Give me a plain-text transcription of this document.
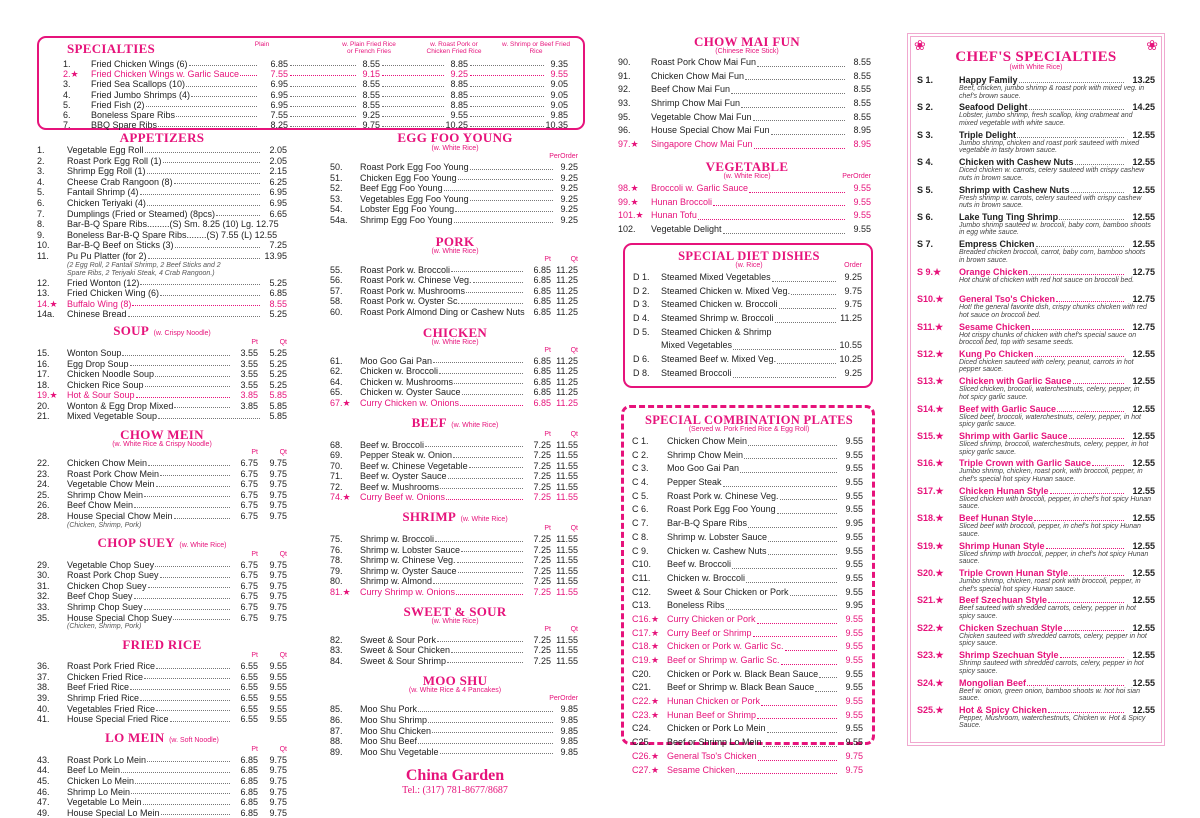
SPECIALTIES	Plain	w. Plain Fried Rice or French Fries
w. Roast Pork or Chicken Fried Rice
w. Shrimp or Beef Fried Rice
1. Fried Chicken Wings (6)	6.85	8.55	8.85	9.35
2.★ Fried Chicken Wings w. Garlic Sauce	7.55	9.15	9.25	9.55
3. Fried Sea Scallops (10)	6.95	8.55	8.85	9.05
4. Fried Jumbo Shrimps (4)	6.95	8.55	8.85	9.05
5. Fried Fish (2)	6.95	8.55	8.85	9.05
6. Boneless Spare Ribs	7.55	9.25	9.55	9.85
7. BBQ Spare Ribs	8.25	9.75	10.25	10.35
APPETIZERS
1. Vegetable Egg Roll	2.05
2. Roast Pork Egg Roll (1)	2.05
3. Shrimp Egg Roll (1)	2.15
4. Cheese Crab Rangoon (8)	6.25
5. Fantail Shrimp (4)	6.95
6. Chicken Teriyaki (4)	6.95
7. Dumplings (Fried or Steamed) (8pcs)	6.65
8. Bar-B-Q Spare Ribs.........(S) Sm. 8.25 (10) Lg. 12.75
9. Boneless Bar-B-Q Spare Ribs........(S) 7.55 (L) 12.55
10. Bar-B-Q Beef on Sticks (3)	7.25
11. Pu Pu Platter (for 2)	13.95
(2 Egg Roll, 2 Fantail Shrimp, 2 Beef Sticks and 2
Spare Ribs, 2 Teriyaki Steak, 4 Crab Rangoon.)
12. Fried Wonton (12)	5.25
13. Fried Chicken Wing (6)	6.85
14.★ Buffalo Wing (8)	8.55
14a. Chinese Bread	5.25
SOUP (w. Crispy Noodle)
Pt	Qt
15. Wonton Soup	3.55 5.25
16. Egg Drop Soup	3.55 5.25
17. Chicken Noodle Soup	3.55 5.25
18. Chicken Rice Soup	3.55 5.25
19.★ Hot & Sour Soup	3.85 5.85
20. Wonton & Egg Drop Mixed	3.85 5.85
21. Mixed Vegetable Soup	5.85
CHOW MEIN
(w. White Rice & Crispy Noodle)
Pt	Qt
22. Chicken Chow Mein	6.75 9.75
23. Roast Pork Chow Mein	6.75 9.75
24. Vegetable Chow Mein	6.75 9.75
25. Shrimp Chow Mein	6.75 9.75
26. Beef Chow Mein	6.75 9.75
28. House Special Chow Mein	6.75 9.75
(Chicken, Shrimp, Pork)
CHOP SUEY (w. White Rice)
Pt	Qt
29. Vegetable Chop Suey	6.75 9.75
30. Roast Pork Chop Suey	6.75 9.75
31. Chicken Chop Suey	6.75 9.75
32. Beef Chop Suey	6.75 9.75
33. Shrimp Chop Suey	6.75 9.75
35. House Special Chop Suey	6.75 9.75
(Chicken, Shrimp, Pork)
FRIED RICE
Pt	Qt
36. Roast Pork Fried Rice	6.55 9.55
37. Chicken Fried Rice	6.55 9.55
38. Beef Fried Rice	6.55 9.55
39. Shrimp Fried Rice	6.55 9.55
40. Vegetables Fried Rice	6.55 9.55
41. House Special Fried Rice	6.55 9.55
LO MEIN (w. Soft Noodle)
Pt	Qt
43. Roast Pork Lo Mein	6.85 9.75
44. Beef Lo Mein	6.85 9.75
45. Chicken Lo Mein	6.85 9.75
46. Shrimp Lo Mein	6.85 9.75
47. Vegetable Lo Mein	6.85 9.75
49. House Special Lo Mein	6.85 9.75
EGG FOO YOUNG
(w. White Rice)
PerOrder
50. Roast Pork Egg Foo Young	9.25
51. Chicken Egg Foo Young	9.25
52. Beef Egg Foo Young	9.25
53. Vegetables Egg Foo Young	9.25
54. Lobster Egg Foo Young	9.25
54a. Shrimp Egg Foo Young	9.25
PORK
(w. White Rice)
Pt	Qt
55. Roast Pork w. Broccoli	6.85 11.25
56. Roast Pork w. Chinese Veg.	6.85 11.25
57. Roast Pork w. Mushrooms	6.85 11.25
58. Roast Pork w. Oyster Sc.	6.85 11.25
60. Roast Pork Almond Ding or Cashew Nuts 6.85 11.25
CHICKEN
(w. White Rice)
Pt	Qt
61. Moo Goo Gai Pan	6.85 11.25
62. Chicken w. Broccoli	6.85 11.25
64. Chicken w. Mushrooms	6.85 11.25
65. Chicken w. Oyster Sauce	6.85 11.25
67.★ Curry Chicken w. Onions	6.85 11.25
BEEF (w. White Rice)
Pt	Qt
68. Beef w. Broccoli	7.25 11.55
69. Pepper Steak w. Onion	7.25 11.55
70. Beef w. Chinese Vegetable	7.25 11.55
71. Beef w. Oyster Sauce	7.25 11.55
72. Beef w. Mushrooms	7.25 11.55
74.★ Curry Beef w. Onions	7.25 11.55
SHRIMP (w. White Rice)
Pt	Qt
75. Shrimp w. Broccoli	7.25 11.55
76. Shrimp w. Lobster Sauce	7.25 11.55
78. Shrimp w. Chinese Veg.	7.25 11.55
79. Shrimp w. Oyster Sauce	7.25 11.55
80. Shrimp w. Almond	7.25 11.55
81.★ Curry Shrimp w. Onions	7.25 11.55
SWEET & SOUR
(w. White Rice)
Pt	Qt
82. Sweet & Sour Pork	7.25 11.55
83. Sweet & Sour Chicken	7.25 11.55
84. Sweet & Sour Shrimp	7.25 11.55
MOO SHU
(w. White Rice & 4 Pancakes)
PerOrder
85. Moo Shu Pork	9.85
86. Moo Shu Shrimp	9.85
87. Moo Shu Chicken	9.85
88. Moo Shu Beef	9.85
89. Moo Shu Vegetable	9.85
China Garden
Tel.: (317) 781-8677/8687
CHOW MAI FUN
(Chinese Rice Stick)
90. Roast Pork Chow Mai Fun	8.55
91. Chicken Chow Mai Fun	8.55
92. Beef Chow Mai Fun	8.55
93. Shrimp Chow Mai Fun	8.55
95. Vegetable Chow Mai Fun	8.55
96. House Special Chow Mai Fun	8.95
97.★ Singapore Chow Mai Fun	8.95
VEGETABLE
(w. White Rice)	PerOrder
98.★ Broccoli w. Garlic Sauce	9.55
99.★ Hunan Broccoli	9.55
101.★ Hunan Tofu	9.55
102. Vegetable Delight	9.55
SPECIAL DIET DISHES
(w. Rice)	Order
D 1. Steamed Mixed Vegetables	9.25
D 2. Steamed Chicken w. Mixed Veg.	9.75
D 3. Steamed Chicken w. Broccoli	9.75
D 4. Steamed Shrimp w. Broccoli	11.25
D 5. Steamed Chicken & Shrimp
Mixed Vegetables	10.55
D 6. Steamed Beef w. Mixed Veg.	10.25
D 8. Steamed Broccoli	9.25
SPECIAL COMBINATION PLATES
(Served w. Pork Fried Rice & Egg Roll)
C 1. Chicken Chow Mein	9.55
C 2. Shrimp Chow Mein	9.55
C 3. Moo Goo Gai Pan	9.55
C 4. Pepper Steak	9.55
C 5. Roast Pork w. Chinese Veg.	9.55
C 6. Roast Pork Egg Foo Young	9.55
C 7. Bar-B-Q Spare Ribs	9.95
C 8. Shrimp w. Lobster Sauce	9.55
C 9. Chicken w. Cashew Nuts	9.55
C10. Beef w. Broccoli	9.55
C11. Chicken w. Broccoli	9.55
C12. Sweet & Sour Chicken or Pork	9.55
C13. Boneless Ribs	9.95
C16.★ Curry Chicken or Pork	9.55
C17.★ Curry Beef or Shrimp	9.55
C18.★ Chicken or Pork w. Garlic Sc.	9.55
C19.★ Beef or Shrimp w. Garlic Sc.	9.55
C20. Chicken or Pork w. Black Bean Sauce	9.55
C21. Beef or Shrimp w. Black Bean Sauce	9.55
C22.★ Hunan Chicken or Pork	9.55
C23.★ Hunan Beef or Shrimp	9.55
C24. Chicken or Pork Lo Mein	9.55
C25. Beef or Shrimp Lo Mein	9.55
C26.★ General Tso's Chicken	9.75
C27.★ Sesame Chicken	9.75
❀	❀
CHEF'S SPECIALTIES
(with White Rice)
S 1.	Happy Family	13.25
Beef, chicken, jumbo shrimp & roast pork with mixed veg. in chef's brown sauce.
S 2.	Seafood Delight	14.25
Lobster, jumbo shrimp, fresh scallop, king crabmeat and mixed vegetable with white sauce.
S 3.	Triple Delight	12.55
Jumbo shrimp, chicken and roast pork sauteed with mixed vegetable in tasty brown sauce.
S 4.	Chicken with Cashew Nuts	12.55
Diced chicken w. carrots, celery sauteed with crispy cashew nuts in brown sauce.
S 5.	Shrimp with Cashew Nuts	12.55
Fresh shrimp w. carrots, celery sauteed with crispy cashew nuts in brown sauce.
S 6.	Lake Tung Ting Shrimp	12.55
Jumbo shrimp sauteed w. broccoli, baby corn, bamboo shoots in egg white sauce.
S 7.	Empress Chicken	12.55
Breaded chicken broccoli, carrot, baby corn, bamboo shoots in brown sauce.
S 9.★ Orange Chicken	12.75
Hot chunk of chicken with red hot sauce on broccoli bed.
S10.★ General Tso's Chicken	12.75
Hot! the general favorite dish, crispy chunks chicken with red hot sauce on broccoli bed.
S11.★ Sesame Chicken	12.75
Hot crispy chunks of chicken with chef's special sauce on broccoli bed, top with sesame seeds.
S12.★ Kung Po Chicken	12.55
Diced chicken sauteed with celery, peanut, carrots in hot pepper sauce.
S13.★ Chicken with Garlic Sauce	12.55
Sliced chicken, broccoli, waterchestnuts, celery, pepper, in hot spicy garlic sauce.
S14.★ Beef with Garlic Sauce	12.55
Sliced beef, broccoli, waterchestnuts, celery, pepper, in hot spicy garlic sauce.
S15.★ Shrimp with Garlic Sauce	12.55
Sliced shrimp, broccoli, waterchestnuts, celery, pepper, in hot spicy garlic sauce.
S16.★ Triple Crown with Garlic Sauce	12.55
Jumbo shrimp, chicken, roast pork, with broccoli, pepper, in chef's special hot spicy Hunan sauce.
S17.★ Chicken Hunan Style	12.55
Sliced chicken with broccoli, pepper, in chef's hot spicy Hunan sauce.
S18.★ Beef Hunan Style	12.55
Sliced beef with broccoli, pepper, in chef's hot spicy Hunan sauce.
S19.★ Shrimp Hunan Style	12.55
Sliced shrimp with broccoli, pepper, in chef's hot spicy Hunan sauce.
S20.★ Triple Crown Hunan Style	12.55
Jumbo shrimp, chicken, roast pork with broccoli, pepper, in chef's special hot spicy Hunan sauce.
S21.★ Beef Szechuan Style	12.55
Beef sauteed with shredded carrots, celery, pepper in hot spicy sauce.
S22.★ Chicken Szechuan Style	12.55
Chicken sauteed with shredded carrots, celery, pepper in hot spicy sauce.
S23.★ Shrimp Szechuan Style	12.55
Shrimp sauteed with shredded carrots, celery, pepper in hot spicy sauce.
S24.★ Mongolian Beef	12.55
Beef w. onion, green onion, bamboo shoots w. hot hoi sian sauce.
S25.★ Hot & Spicy Chicken	12.55
Pepper, Mushroom, waterchestnuts, Chicken w. Hot & Spicy Sauce.
